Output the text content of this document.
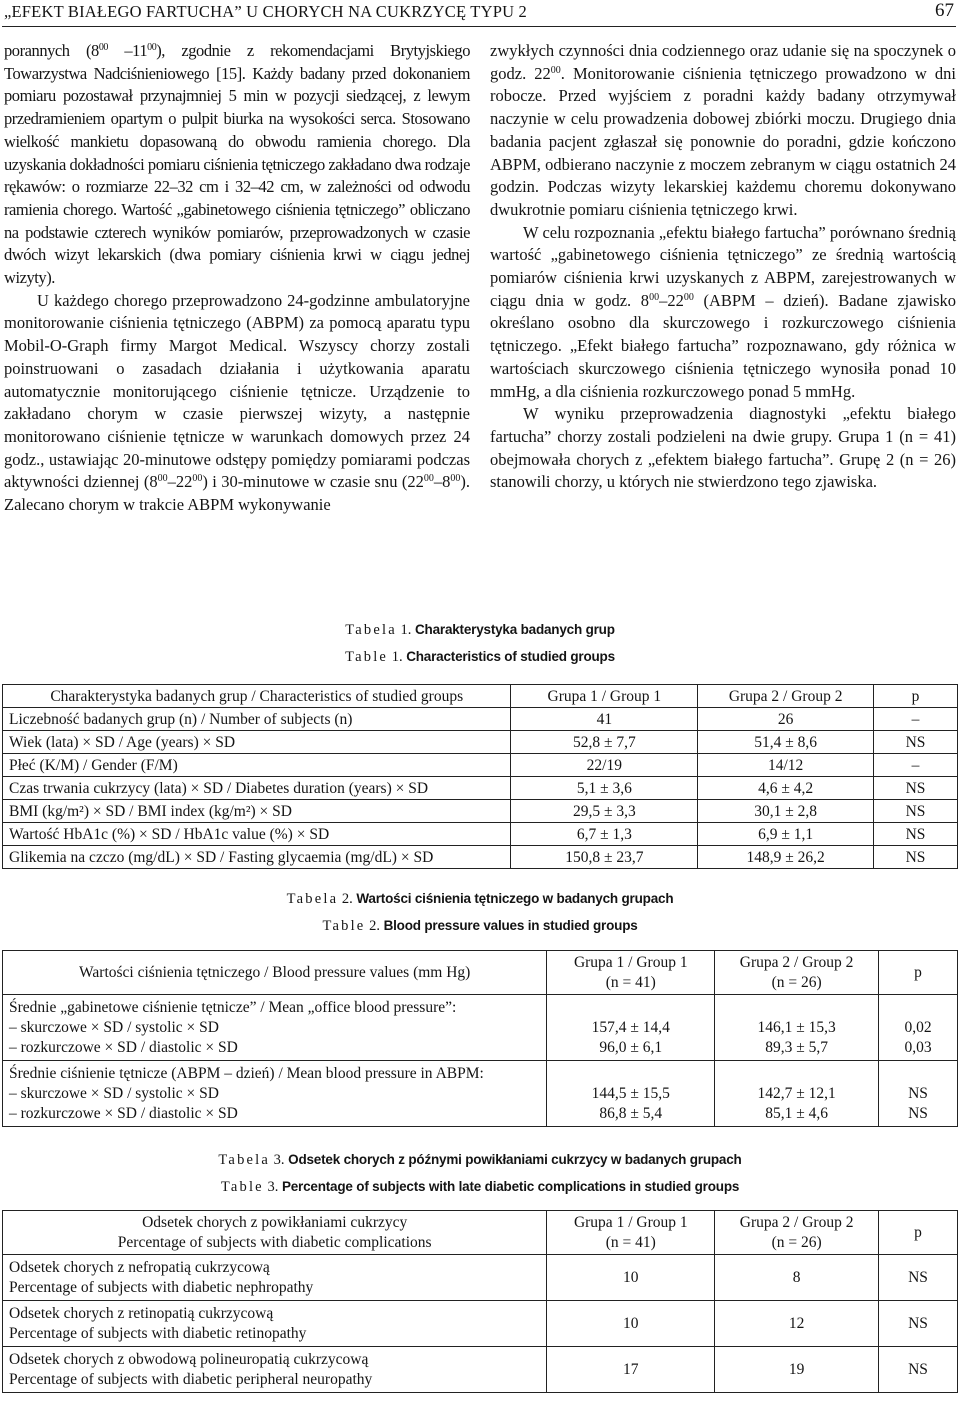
„EFEKT BIAŁEGO FARTUCHA” U CHORYCH NA CUKRZYCĘ TYPU 2	67

porannych ($8^{00}$ $-11^{00}$), zgodnie z rekomendacjami Brytyjskiego Towarzystwa Nadciśnieniowego [15]. Każdy badany przed dokonaniem pomiaru pozostawał przynajmniej 5 min w pozycji siedzącej, z lewym przedramieniem opartym o pulpit biurka na wysokości serca. Stosowano wielkość mankietu dopasowaną do obwodu ramienia chorego. Dla uzyskania dokładności pomiaru ciśnienia tętniczego zakładano dwa rodzaje rękawów: o rozmiarze 22–32 cm i 32–42 cm, w zależności od odwodu ramienia chorego. Wartość „gabinetowego ciśnienia tętniczego” obliczano na podstawie czterech wyników pomiarów, przeprowadzonych w czasie dwóch wizyt lekarskich (dwa pomiary ciśnienia krwi w ciągu jednej wizyty).

U każdego chorego przeprowadzono 24-godzinne ambulatoryjne monitorowanie ciśnienia tętniczego (ABPM) za pomocą aparatu typu Mobil-O-Graph firmy Margot Medical. Wszyscy chorzy zostali poinstruowani o zasadach działania i użytkowania aparatu automatycznie monitorującego ciśnienie tętnicze. Urządzenie to zakładano chorym w czasie pierwszej wizyty, a następnie monitorowano ciśnienie tętnicze w warunkach domowych przez 24 godz., ustawiając 20-minutowe odstępy pomiędzy pomiarami podczas aktywności dziennej $(8^{00}-22^{00})$ i 30-minutowe w czasie snu $(22^{00}-8^{00})$. Zalecano chorym w trakcie ABPM wykonywanie

zwykłych czynności dnia codziennego oraz udanie się na spoczynek o godz. $22^{00}$. Monitorowanie ciśnienia tętniczego prowadzono w dni robocze. Przed wyjściem z poradni każdy badany otrzymywał naczynie w celu prowadzenia dobowej zbiórki moczu. Drugiego dnia badania pacjent zgłaszał się ponownie do poradni, gdzie kończono ABPM, odbierano naczynie z moczem zebranym w ciągu ostatnich 24 godzin. Podczas wizyty lekarskiej każdemu choremu dokonywano dwukrotnie pomiaru ciśnienia tętniczego krwi.

W celu rozpoznania „efektu białego fartucha” porównano średnią wartość „gabinetowego ciśnienia tętniczego” ze średnią wartością pomiarów ciśnienia krwi uzyskanych z ABPM, zarejestrowanych w ciągu dnia w godz. $8^{00}-22^{00}$ (ABPM – dzień). Badane zjawisko określano osobno dla skurczowego i rozkurczowego ciśnienia tętniczego. „Efekt białego fartucha” rozpoznawano, gdy różnica w wartościach skurczowego ciśnienia tętniczego wynosiła ponad 10 mmHg, a dla ciśnienia rozkurczowego ponad 5 mmHg.

W wyniku przeprowadzenia diagnostyki „efektu białego fartucha” chorzy zostali podzieleni na dwie grupy. Grupa 1 (n = 41) obejmowała chorych z „efektem białego fartucha”. Grupę 2 (n = 26) stanowili chorzy, u których nie stwierdzono tego zjawiska.

Tabela 1. Charakterystyka badanych grup
Table 1. Characteristics of studied groups
Charakterystyka badanych grup / Characteristics of studied groups	Grupa 1 / Group 1	Grupa 2 / Group 2	p
Liczebność badanych grup (n) / Number of subjects (n)	41	26	–
Wiek (lata) × SD / Age (years) × SD	52,8 ± 7,7	51,4 ± 8,6	NS
Płeć (K/M) / Gender (F/M)	22/19	14/12	–
Czas trwania cukrzycy (lata) × SD / Diabetes duration (years) × SD	5,1 ± 3,6	4,6 ± 4,2	NS
BMI (kg/m²) × SD / BMI index (kg/m²) × SD	29,5 ± 3,3	30,1 ± 2,8	NS
Wartość HbA1c (%) × SD / HbA1c value (%) × SD	6,7 ± 1,3	6,9 ± 1,1	NS
Glikemia na czczo (mg/dL) × SD / Fasting glycaemia (mg/dL) × SD	150,8 ± 23,7	148,9 ± 26,2	NS
Tabela 2. Wartości ciśnienia tętniczego w badanych grupach
Table 2. Blood pressure values in studied groups
Wartości ciśnienia tętniczego / Blood pressure values (mm Hg)	Grupa 1 / Group 1
(n = 41)	Grupa 2 / Group 2
(n = 26)	p
Średnie „gabinetowe ciśnienie tętnicze” / Mean „office blood pressure”:
– skurczowe × SD / systolic × SD
– rozkurczowe × SD / diastolic × SD	157,4 ± 14,4
96,0 ± 6,1	146,1 ± 15,3
89,3 ± 5,7	0,02
0,03
Średnie ciśnienie tętnicze (ABPM – dzień) / Mean blood pressure in ABPM:
– skurczowe × SD / systolic × SD
– rozkurczowe × SD / diastolic × SD	144,5 ± 15,5
86,8 ± 5,4	142,7 ± 12,1
85,1 ± 4,6	NS
NS
Tabela 3. Odsetek chorych z późnymi powikłaniami cukrzycy w badanych grupach
Table 3. Percentage of subjects with late diabetic complications in studied groups
Odsetek chorych z powikłaniami cukrzycy
Percentage of subjects with diabetic complications	Grupa 1 / Group 1
(n = 41)	Grupa 2 / Group 2
(n = 26)	p
Odsetek chorych z nefropatią cukrzycową
Percentage of subjects with diabetic nephropathy	10	8	NS
Odsetek chorych z retinopatią cukrzycową
Percentage of subjects with diabetic retinopathy	10	12	NS
Odsetek chorych z obwodową polineuropatią cukrzycową
Percentage of subjects with diabetic peripheral neuropathy	17	19	NS
